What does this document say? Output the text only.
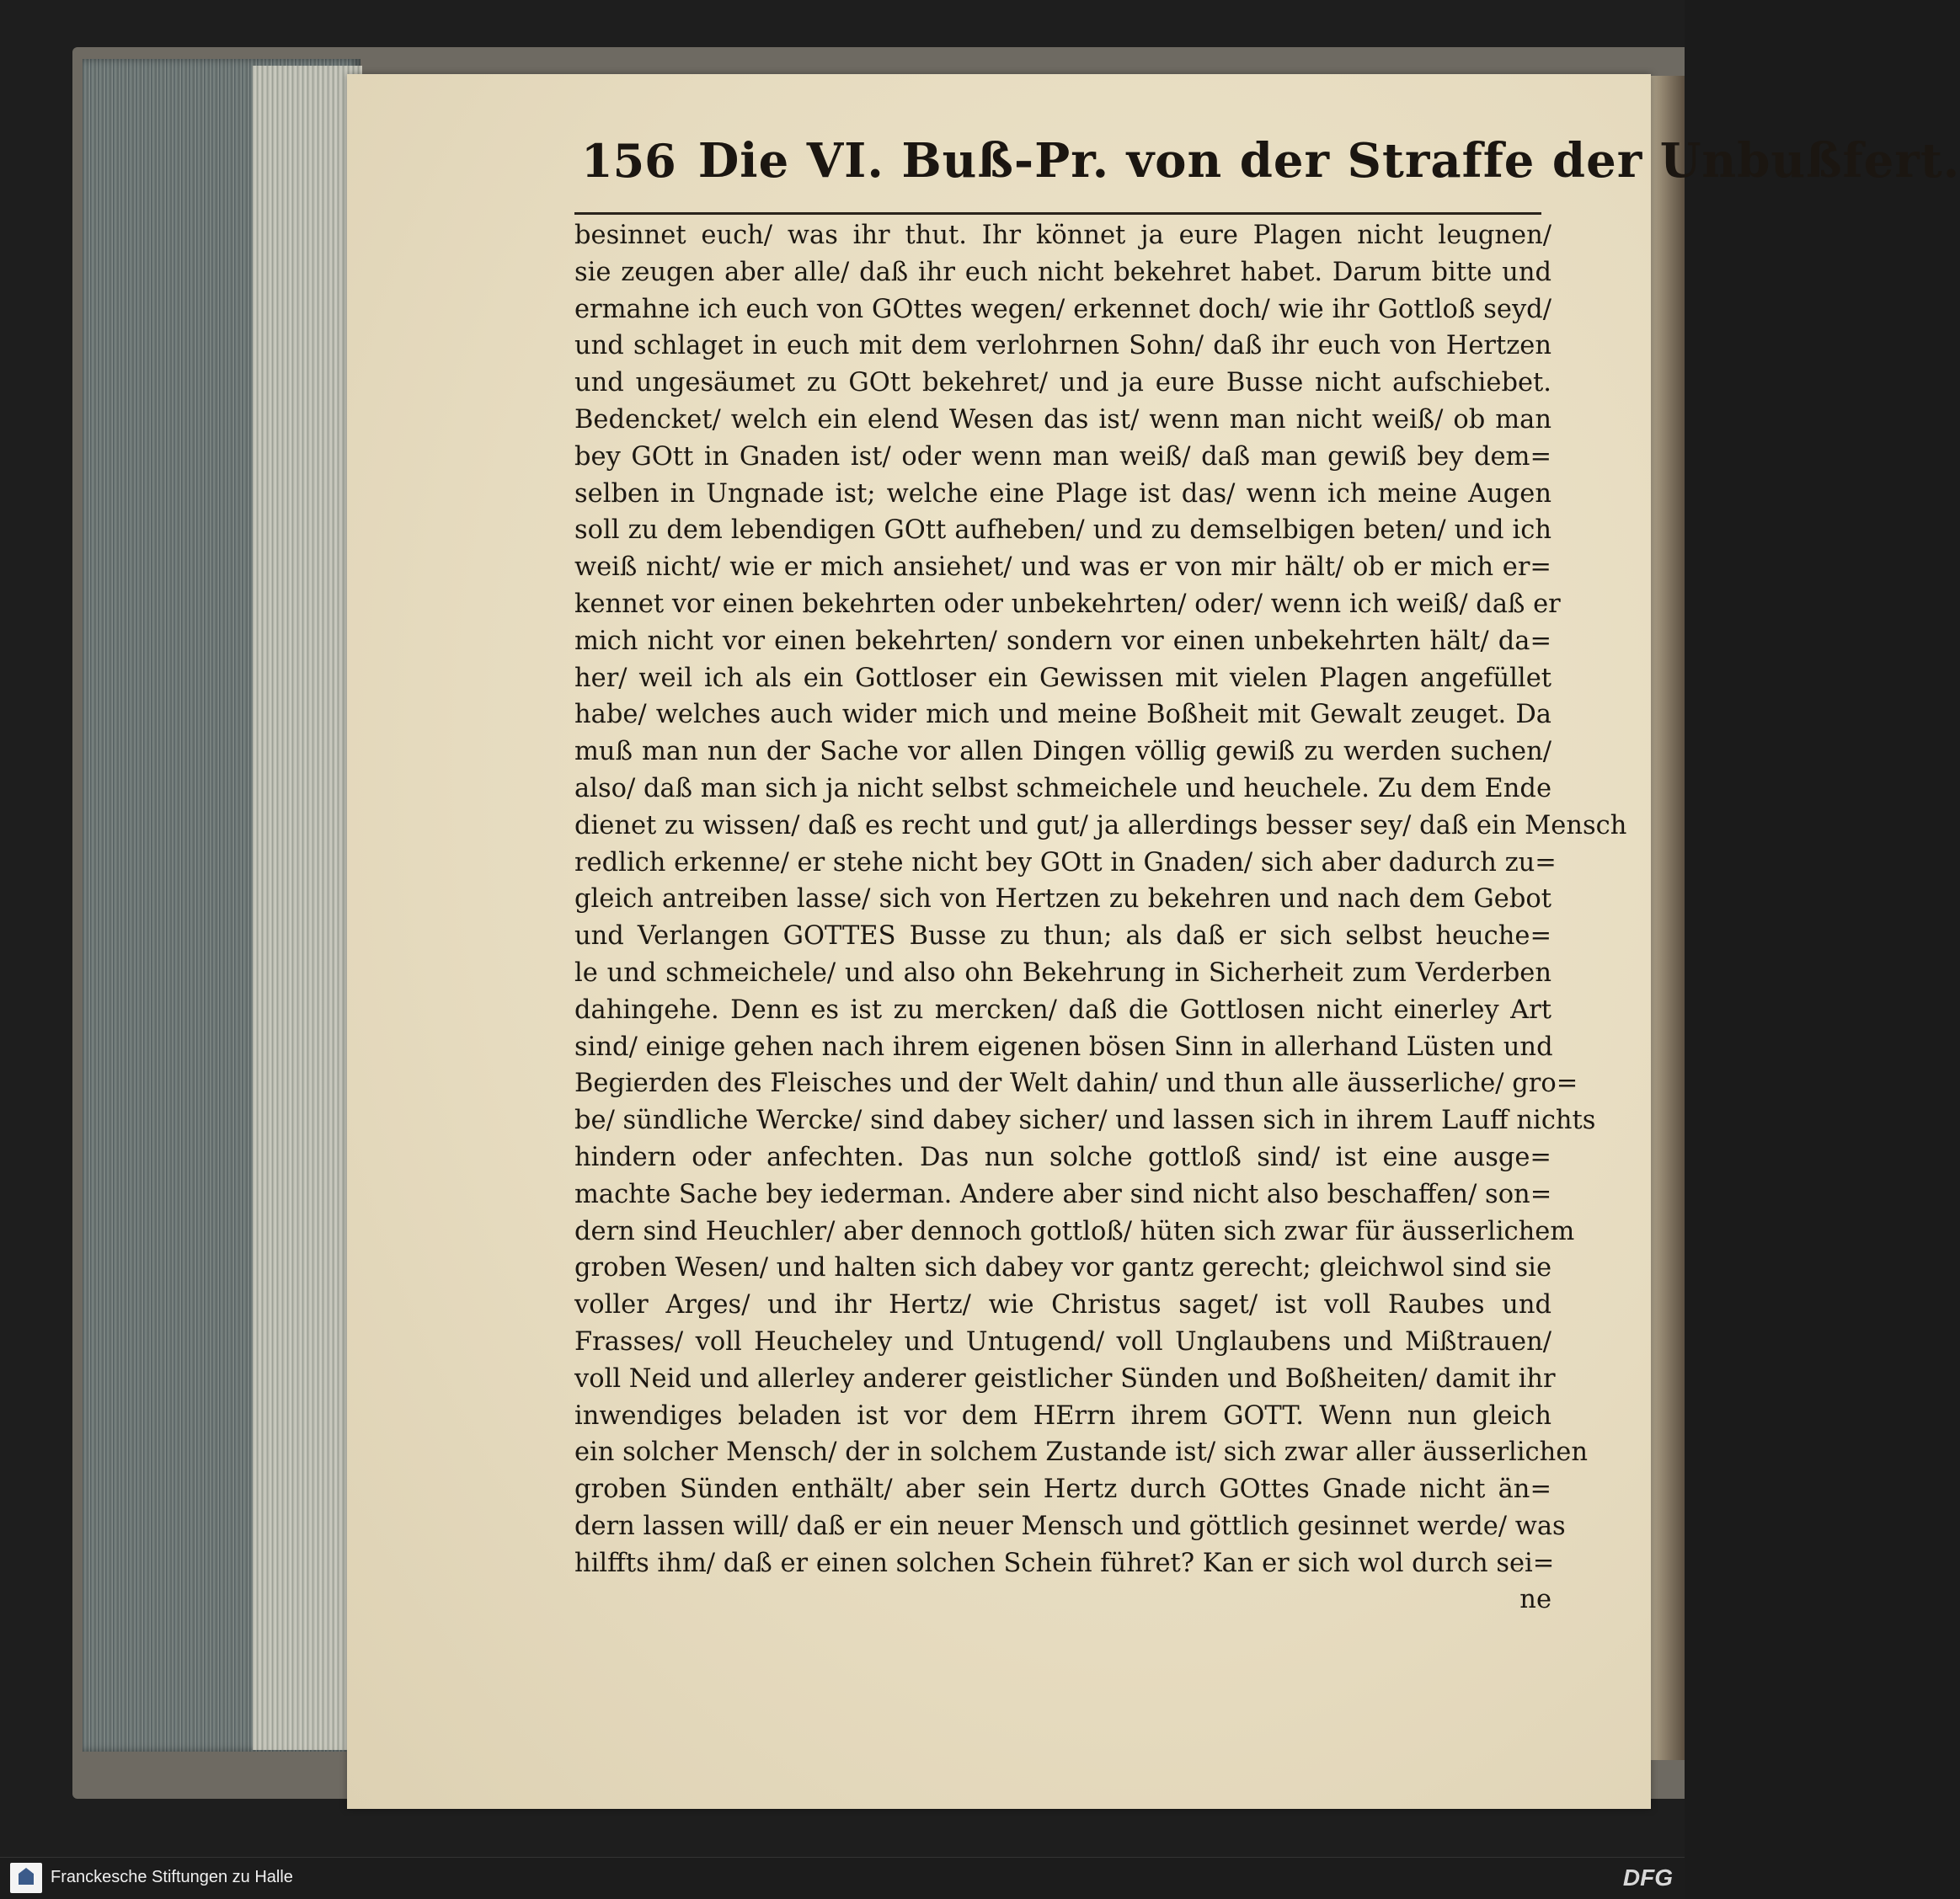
156 Die VI. Buß-Pr. von der Straffe der Unbußfert.
besinnet euch/ was ihr thut. Ihr könnet ja eure Plagen nicht leugnen/
sie zeugen aber alle/ daß ihr euch nicht bekehret habet. Darum bitte und
ermahne ich euch von GOttes wegen/ erkennet doch/ wie ihr Gottloß seyd/
und schlaget in euch mit dem verlohrnen Sohn/ daß ihr euch von Hertzen
und ungesäumet zu GOtt bekehret/ und ja eure Busse nicht aufschiebet.
Bedencket/ welch ein elend Wesen das ist/ wenn man nicht weiß/ ob man
bey GOtt in Gnaden ist/ oder wenn man weiß/ daß man gewiß bey dem=
selben in Ungnade ist; welche eine Plage ist das/ wenn ich meine Augen
soll zu dem lebendigen GOtt aufheben/ und zu demselbigen beten/ und ich
weiß nicht/ wie er mich ansiehet/ und was er von mir hält/ ob er mich er=
kennet vor einen bekehrten oder unbekehrten/ oder/ wenn ich weiß/ daß er
mich nicht vor einen bekehrten/ sondern vor einen unbekehrten hält/ da=
her/ weil ich als ein Gottloser ein Gewissen mit vielen Plagen angefüllet
habe/ welches auch wider mich und meine Boßheit mit Gewalt zeuget. Da
muß man nun der Sache vor allen Dingen völlig gewiß zu werden suchen/
also/ daß man sich ja nicht selbst schmeichele und heuchele. Zu dem Ende
dienet zu wissen/ daß es recht und gut/ ja allerdings besser sey/ daß ein Mensch
redlich erkenne/ er stehe nicht bey GOtt in Gnaden/ sich aber dadurch zu=
gleich antreiben lasse/ sich von Hertzen zu bekehren und nach dem Gebot
und Verlangen GOTTES Busse zu thun; als daß er sich selbst heuche=
le und schmeichele/ und also ohn Bekehrung in Sicherheit zum Verderben
dahingehe. Denn es ist zu mercken/ daß die Gottlosen nicht einerley Art
sind/ einige gehen nach ihrem eigenen bösen Sinn in allerhand Lüsten und
Begierden des Fleisches und der Welt dahin/ und thun alle äusserliche/ gro=
be/ sündliche Wercke/ sind dabey sicher/ und lassen sich in ihrem Lauff nichts
hindern oder anfechten. Das nun solche gottloß sind/ ist eine ausge=
machte Sache bey iederman. Andere aber sind nicht also beschaffen/ son=
dern sind Heuchler/ aber dennoch gottloß/ hüten sich zwar für äusserlichem
groben Wesen/ und halten sich dabey vor gantz gerecht; gleichwol sind sie
voller Arges/ und ihr Hertz/ wie Christus saget/ ist voll Raubes und
Frasses/ voll Heucheley und Untugend/ voll Unglaubens und Mißtrauen/
voll Neid und allerley anderer geistlicher Sünden und Boßheiten/ damit ihr
inwendiges beladen ist vor dem HErrn ihrem GOTT. Wenn nun gleich
ein solcher Mensch/ der in solchem Zustande ist/ sich zwar aller äusserlichen
groben Sünden enthält/ aber sein Hertz durch GOttes Gnade nicht än=
dern lassen will/ daß er ein neuer Mensch und göttlich gesinnet werde/ was
hilffts ihm/ daß er einen solchen Schein führet? Kan er sich wol durch sei=
ne
Franckesche Stiftungen zu Halle	DFG
